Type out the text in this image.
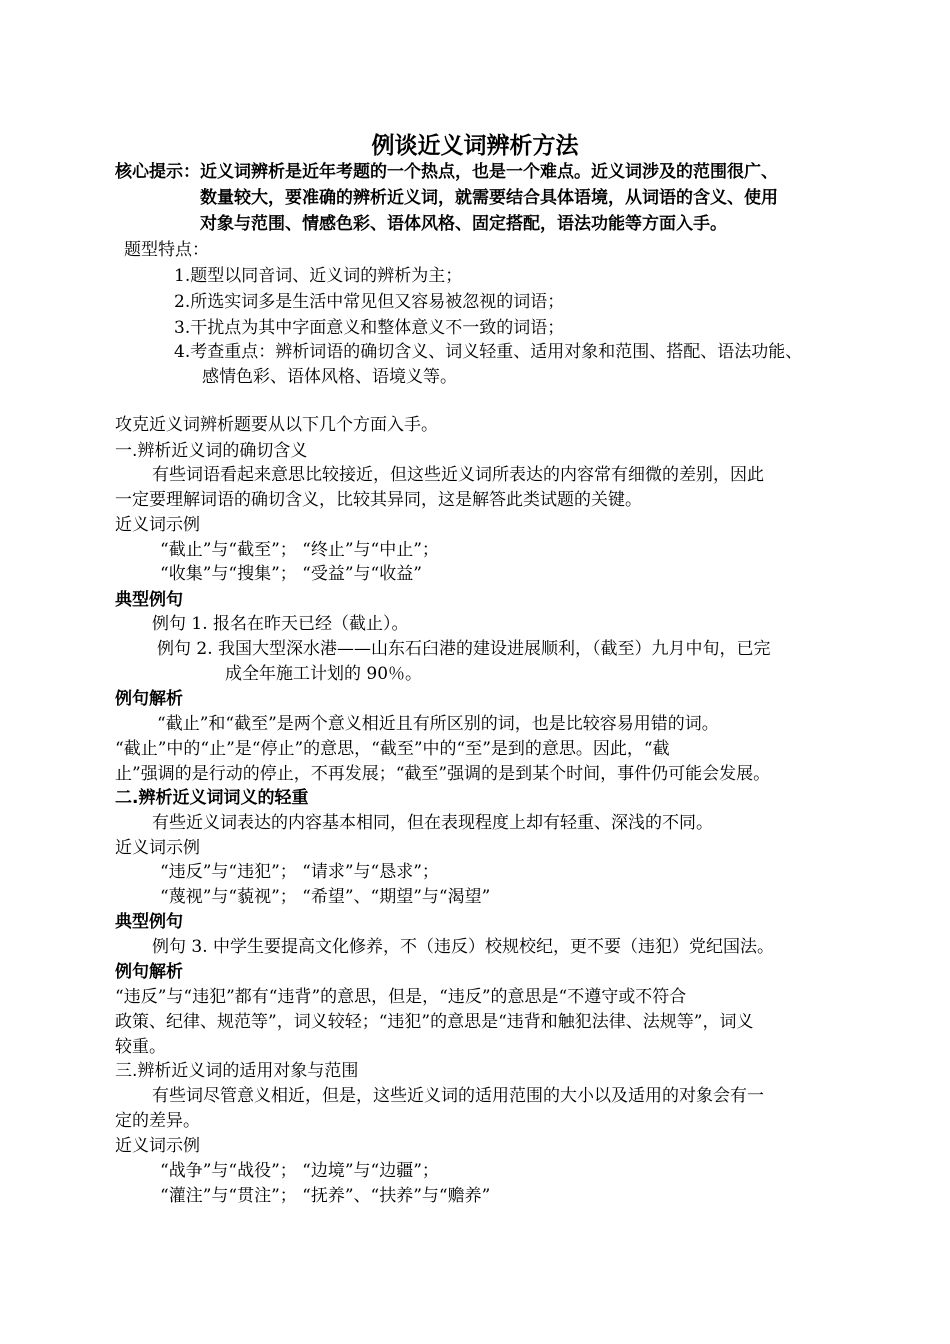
例谈近义词辨析方法
核心提示：近义词辨析是近年考题的一个热点，也是一个难点。近义词涉及的范围很广、
数量较大，要准确的辨析近义词，就需要结合具体语境，从词语的含义、使用
对象与范围、情感色彩、语体风格、固定搭配，语法功能等方面入手。
题型特点：
1.题型以同音词、近义词的辨析为主；
2.所选实词多是生活中常见但又容易被忽视的词语；
3.干扰点为其中字面意义和整体意义不一致的词语；
4.考查重点：辨析词语的确切含义、词义轻重、适用对象和范围、搭配、语法功能、
感情色彩、语体风格、语境义等。
攻克近义词辨析题要从以下几个方面入手。
一.辨析近义词的确切含义
有些词语看起来意思比较接近，但这些近义词所表达的内容常有细微的差别，因此
一定要理解词语的确切含义，比较其异同，这是解答此类试题的关键。
近义词示例
“截止”与“截至”； “终止”与“中止”；
“收集”与“搜集”； “受益”与“收益”
典型例句
例句 1. 报名在昨天已经（截止）。
例句 2. 我国大型深水港——山东石臼港的建设进展顺利，（截至）九月中旬，已完
成全年施工计划的 90％。
例句解析
“截止”和“截至”是两个意义相近且有所区别的词，也是比较容易用错的词。
“截止”中的“止”是“停止”的意思，“截至”中的“至”是到的意思。因此，“截
止”强调的是行动的停止，不再发展；“截至”强调的是到某个时间，事件仍可能会发展。
二.辨析近义词词义的轻重
有些近义词表达的内容基本相同，但在表现程度上却有轻重、深浅的不同。
近义词示例
“违反”与“违犯”； “请求”与“恳求”；
“蔑视”与“藐视”； “希望”、“期望”与“渴望”
典型例句
例句 3. 中学生要提高文化修养，不（违反）校规校纪，更不要（违犯）党纪国法。
例句解析
“违反”与“违犯”都有“违背”的意思，但是，“违反”的意思是“不遵守或不符合
政策、纪律、规范等”，词义较轻；“违犯”的意思是“违背和触犯法律、法规等”，词义
较重。
三.辨析近义词的适用对象与范围
有些词尽管意义相近，但是，这些近义词的适用范围的大小以及适用的对象会有一
定的差异。
近义词示例
“战争”与“战役”； “边境”与“边疆”；
“灌注”与“贯注”； “抚养”、“扶养”与“赡养”
